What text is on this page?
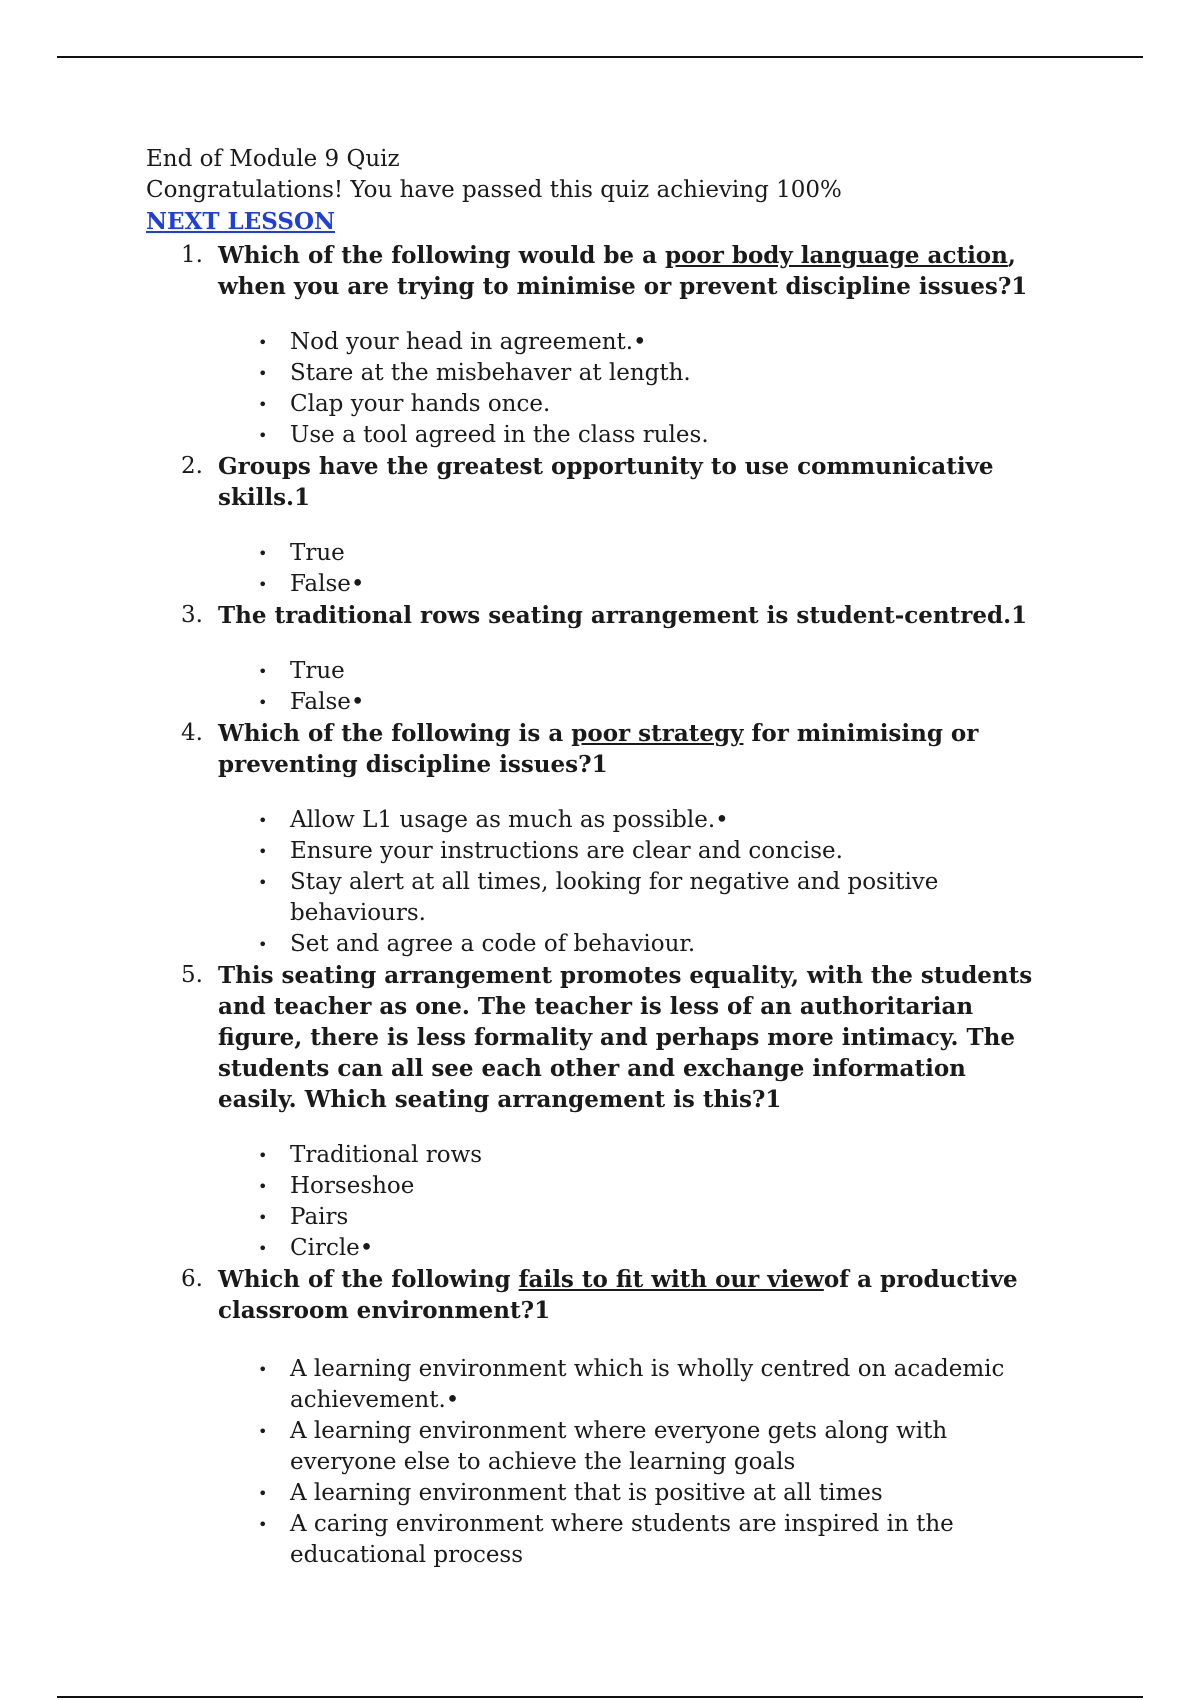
End of Module 9 Quiz
Congratulations! You have passed this quiz achieving 100%
NEXT LESSON
1. Which of the following would be a poor body language action, when you are trying to minimise or prevent discipline issues?1
• Nod your head in agreement.•
• Stare at the misbehaver at length.
• Clap your hands once.
• Use a tool agreed in the class rules.
2. Groups have the greatest opportunity to use communicative skills.1
• True
• False•
3. The traditional rows seating arrangement is student-centred.1
• True
• False•
4. Which of the following is a poor strategy for minimising or preventing discipline issues?1
• Allow L1 usage as much as possible.•
• Ensure your instructions are clear and concise.
• Stay alert at all times, looking for negative and positive behaviours.
• Set and agree a code of behaviour.
5. This seating arrangement promotes equality, with the students and teacher as one. The teacher is less of an authoritarian figure, there is less formality and perhaps more intimacy. The students can all see each other and exchange information easily. Which seating arrangement is this?1
• Traditional rows
• Horseshoe
• Pairs
• Circle•
6. Which of the following fails to fit with our viewof a productive classroom environment?1
• A learning environment which is wholly centred on academic achievement.•
• A learning environment where everyone gets along with everyone else to achieve the learning goals
• A learning environment that is positive at all times
• A caring environment where students are inspired in the educational process
